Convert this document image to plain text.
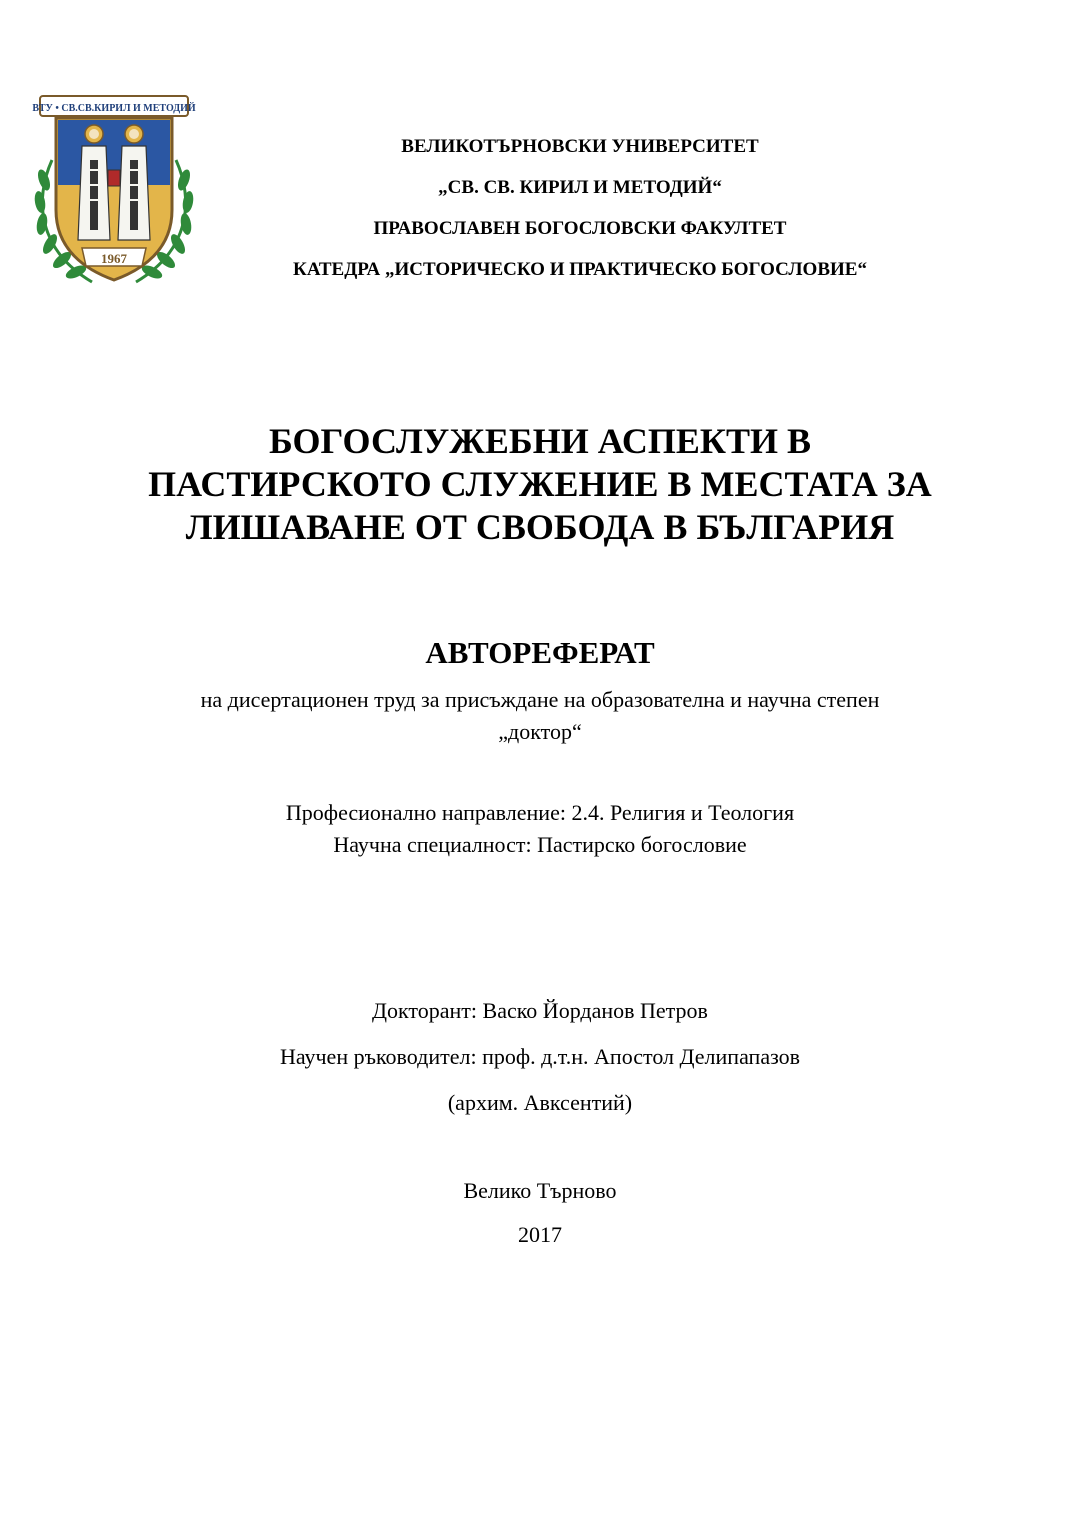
ВТУ • СВ.СВ.КИРИЛ И МЕТОДИЙ
1967
ВЕЛИКОТЪРНОВСКИ УНИВЕРСИТЕТ
„СВ. СВ. КИРИЛ И МЕТОДИЙ“
ПРАВОСЛАВЕН БОГОСЛОВСКИ ФАКУЛТЕТ
КАТЕДРА „ИСТОРИЧЕСКО И ПРАКТИЧЕСКО БОГОСЛОВИЕ“
БОГОСЛУЖЕБНИ АСПЕКТИ В
ПАСТИРСКОТО СЛУЖЕНИЕ В МЕСТАТА ЗА
ЛИШАВАНЕ ОТ СВОБОДА В БЪЛГАРИЯ
АВТОРЕФЕРАТ
на дисертационен труд за присъждане на образователна и научна степен
„доктор“
Професионално направление: 2.4. Религия и Теология
Научна специалност: Пастирско богословие
Докторант: Васко Йорданов Петров
Научен ръководител: проф. д.т.н. Апостол Делипапазов
(архим. Авксентий)
Велико Търново
2017
